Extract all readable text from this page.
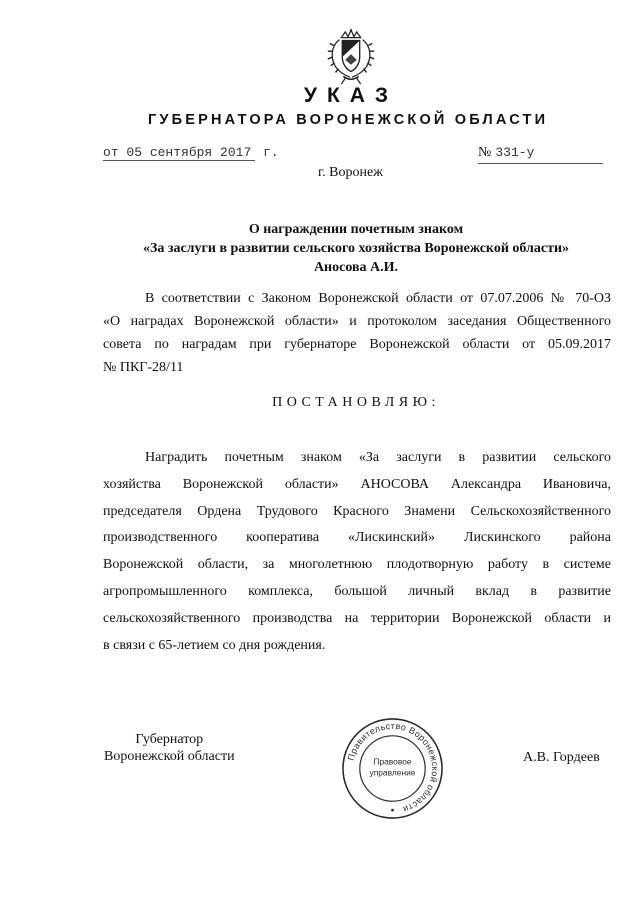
УКАЗ
ГУБЕРНАТОРА ВОРОНЕЖСКОЙ ОБЛАСТИ
от 05 сентября 2017 г.	№ 331-у
г. Воронеж
О награждении почетным знаком
«За заслуги в развитии сельского хозяйства Воронежской области»
Аносова А.И.
В соответствии с Законом Воронежской области от 07.07.2006 № 70-ОЗ
«О наградах Воронежской области» и протоколом заседания Общественного
совета по наградам при губернаторе Воронежской области от 05.09.2017
№ ПКГ-28/11
ПОСТАНОВЛЯЮ:
Наградить почетным знаком «За заслуги в развитии сельского
хозяйства Воронежской области» АНОСОВА Александра Ивановича,
председателя Ордена Трудового Красного Знамени Сельскохозяйственного
производственного кооператива «Лискинский» Лискинского района
Воронежской области, за многолетнюю плодотворную работу в системе
агропромышленного комплекса, большой личный вклад в развитие
сельскохозяйственного производства на территории Воронежской области и
в связи с 65-летием со дня рождения.
Губернатор
Воронежской области	Правительство Воронежской области
Правовое
управление
А.В. Гордеев
